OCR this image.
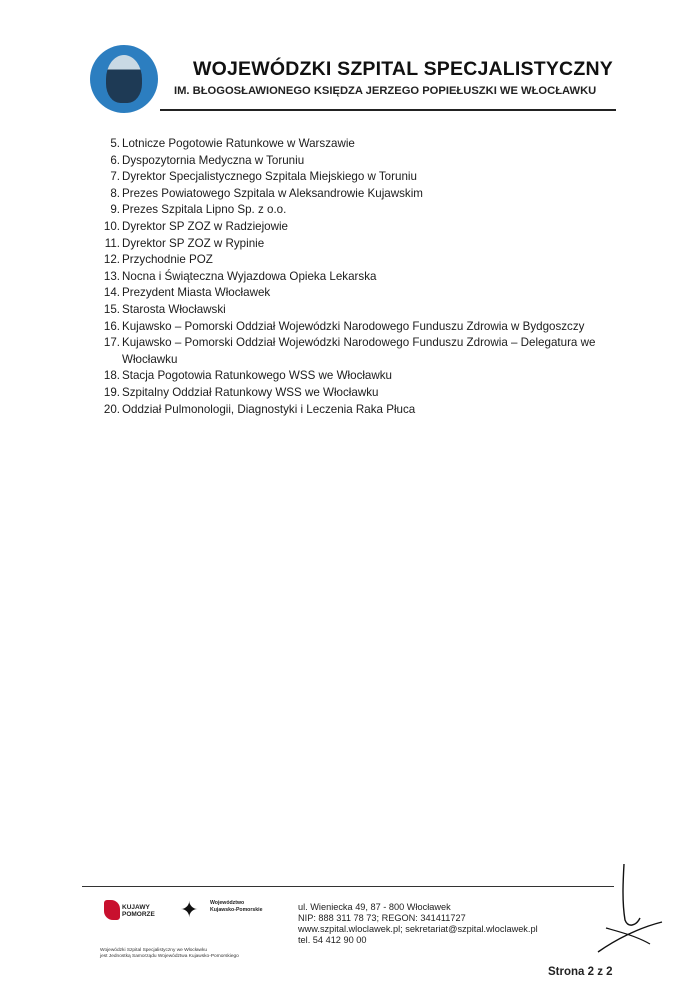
WOJEWÓDZKI SZPITAL SPECJALISTYCZNY
IM. BŁOGOSŁAWIONEGO KSIĘDZA JERZEGO POPIEŁUSZKI WE WŁOCŁAWKU
5. Lotnicze Pogotowie Ratunkowe w Warszawie
6. Dyspozytornia Medyczna w Toruniu
7. Dyrektor Specjalistycznego Szpitala Miejskiego w Toruniu
8. Prezes Powiatowego Szpitala w Aleksandrowie Kujawskim
9. Prezes Szpitala Lipno Sp. z o.o.
10. Dyrektor SP ZOZ w Radziejowie
11. Dyrektor SP ZOZ w Rypinie
12. Przychodnie POZ
13. Nocna i Świąteczna Wyjazdowa Opieka Lekarska
14. Prezydent Miasta Włocławek
15. Starosta Włocławski
16. Kujawsko – Pomorski Oddział Wojewódzki Narodowego Funduszu Zdrowia w Bydgoszczy
17. Kujawsko – Pomorski Oddział Wojewódzki Narodowego Funduszu Zdrowia – Delegatura we Włocławku
18. Stacja Pogotowia Ratunkowego WSS we Włocławku
19. Szpitalny Oddział Ratunkowy WSS we Włocławku
20. Oddział Pulmonologii, Diagnostyki i Leczenia Raka Płuca
KUJAWY
POMORZE ✦	Województwo
Kujawsko-Pomorskie
Wojewódzki Szpital Specjalistyczny we Włocławku
jest Jednostką Samorządu Województwa Kujawsko-Pomorskiego
ul. Wieniecka 49, 87 - 800 Włocławek
NIP: 888 311 78 73; REGON: 341411727
www.szpital.wloclawek.pl; sekretariat@szpital.wloclawek.pl
tel. 54 412 90 00
Strona 2 z 2
